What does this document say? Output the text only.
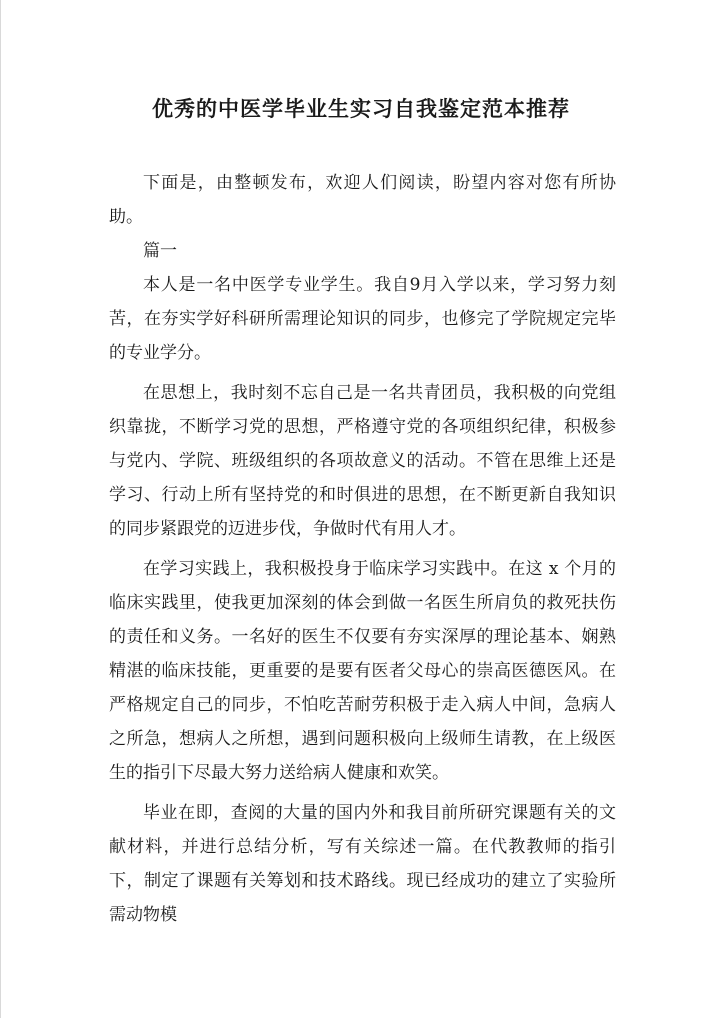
优秀的中医学毕业生实习自我鉴定范本推荐

下面是，由整顿发布，欢迎人们阅读，盼望内容对您有所协助。

篇一

本人是一名中医学专业学生。我自9月入学以来，学习努力刻苦，在夯实学好科研所需理论知识的同步，也修完了学院规定完毕的专业学分。

在思想上，我时刻不忘自己是一名共青团员，我积极的向党组织靠拢，不断学习党的思想，严格遵守党的各项组织纪律，积极参与党内、学院、班级组织的各项故意义的活动。不管在思维上还是学习、行动上所有坚持党的和时俱进的思想，在不断更新自我知识的同步紧跟党的迈进步伐，争做时代有用人才。

在学习实践上，我积极投身于临床学习实践中。在这 x 个月的临床实践里，使我更加深刻的体会到做一名医生所肩负的救死扶伤的责任和义务。一名好的医生不仅要有夯实深厚的理论基本、娴熟精湛的临床技能，更重要的是要有医者父母心的崇高医德医风。在严格规定自己的同步，不怕吃苦耐劳积极于走入病人中间，急病人之所急，想病人之所想，遇到问题积极向上级师生请教，在上级医生的指引下尽最大努力送给病人健康和欢笑。

毕业在即，查阅的大量的国内外和我目前所研究课题有关的文献材料，并进行总结分析，写有关综述一篇。在代教教师的指引下，制定了课题有关筹划和技术路线。现已经成功的建立了实验所需动物模
